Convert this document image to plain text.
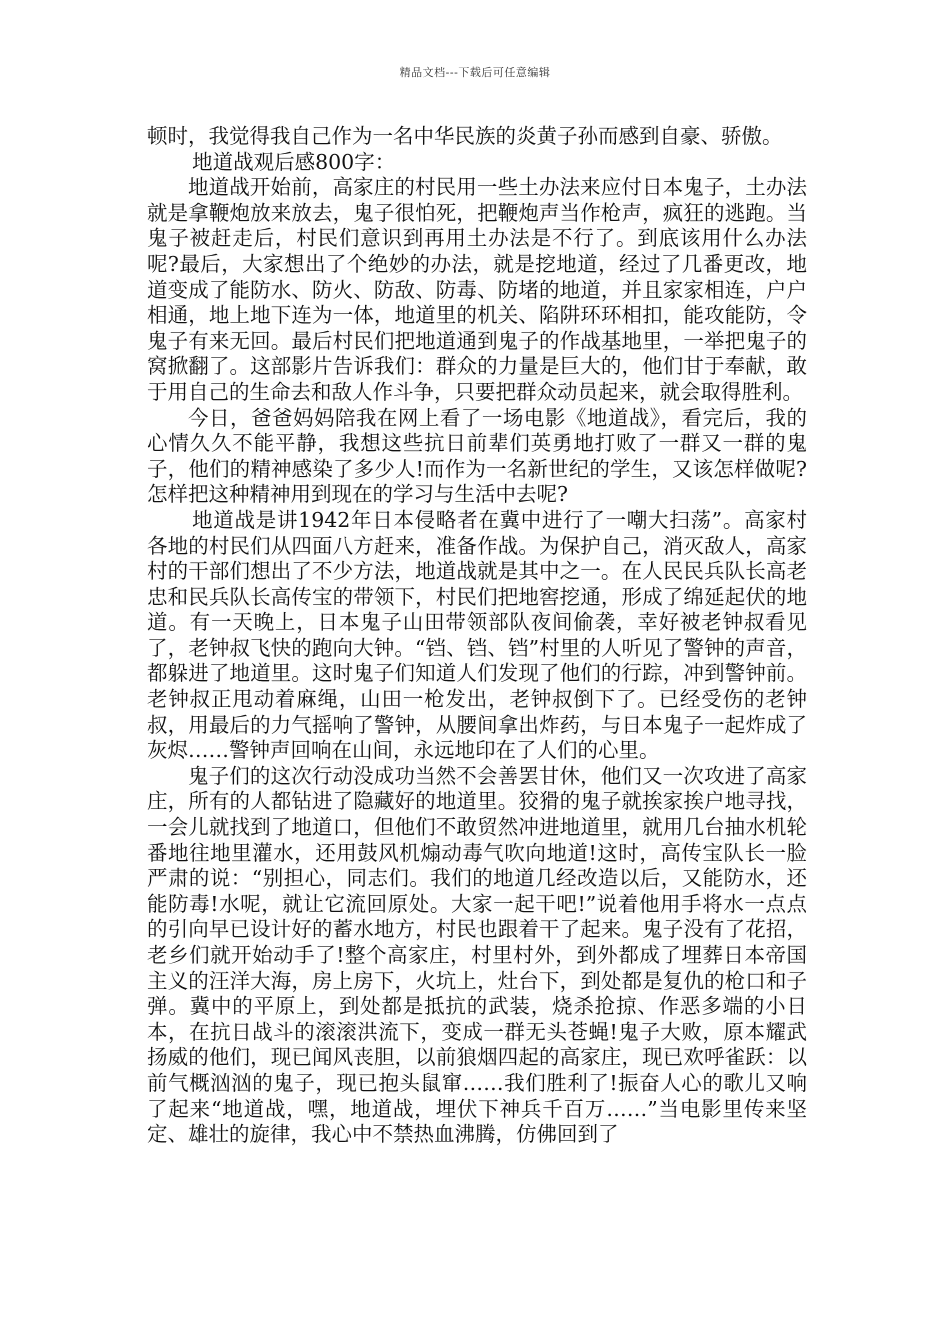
精品文档---下载后可任意编辑

顿时，我觉得我自己作为一名中华民族的炎黄子孙而感到自豪、骄傲。

地道战观后感800字：

地道战开始前，高家庄的村民用一些土办法来应付日本鬼子，土办法就是拿鞭炮放来放去，鬼子很怕死，把鞭炮声当作枪声，疯狂的逃跑。当鬼子被赶走后，村民们意识到再用土办法是不行了。到底该用什么办法呢?最后，大家想出了个绝妙的办法，就是挖地道，经过了几番更改，地道变成了能防水、防火、防敌、防毒、防堵的地道，并且家家相连，户户相通，地上地下连为一体，地道里的机关、陷阱环环相扣，能攻能防，令鬼子有来无回。最后村民们把地道通到鬼子的作战基地里，一举把鬼子的窝掀翻了。这部影片告诉我们：群众的力量是巨大的，他们甘于奉献，敢于用自己的生命去和敌人作斗争，只要把群众动员起来，就会取得胜利。

今日，爸爸妈妈陪我在网上看了一场电影《地道战》，看完后，我的心情久久不能平静，我想这些抗日前辈们英勇地打败了一群又一群的鬼子，他们的精神感染了多少人!而作为一名新世纪的学生，又该怎样做呢?怎样把这种精神用到现在的学习与生活中去呢?

地道战是讲1942年日本侵略者在冀中进行了一嘲大扫荡”。高家村各地的村民们从四面八方赶来，准备作战。为保护自己，消灭敌人，高家村的干部们想出了不少方法，地道战就是其中之一。在人民民兵队长高老忠和民兵队长高传宝的带领下，村民们把地窖挖通，形成了绵延起伏的地道。有一天晚上，日本鬼子山田带领部队夜间偷袭，幸好被老钟叔看见了，老钟叔飞快的跑向大钟。“铛、铛、铛”村里的人听见了警钟的声音，都躲进了地道里。这时鬼子们知道人们发现了他们的行踪，冲到警钟前。老钟叔正甩动着麻绳，山田一枪发出，老钟叔倒下了。已经受伤的老钟叔，用最后的力气摇响了警钟，从腰间拿出炸药，与日本鬼子一起炸成了灰烬……警钟声回响在山间，永远地印在了人们的心里。

鬼子们的这次行动没成功当然不会善罢甘休，他们又一次攻进了高家庄，所有的人都钻进了隐藏好的地道里。狡猾的鬼子就挨家挨户地寻找，一会儿就找到了地道口，但他们不敢贸然冲进地道里，就用几台抽水机轮番地往地里灌水，还用鼓风机煽动毒气吹向地道!这时，高传宝队长一脸严肃的说：“别担心，同志们。我们的地道几经改造以后，又能防水，还能防毒!水呢，就让它流回原处。大家一起干吧!”说着他用手将水一点点的引向早已设计好的蓄水地方，村民也跟着干了起来。鬼子没有了花招，老乡们就开始动手了!整个高家庄，村里村外，到外都成了埋葬日本帝国主义的汪洋大海，房上房下，火坑上，灶台下，到处都是复仇的枪口和子弹。冀中的平原上，到处都是抵抗的武装，烧杀抢掠、作恶多端的小日本，在抗日战斗的滚滚洪流下，变成一群无头苍蝇!鬼子大败，原本耀武扬威的他们，现已闻风丧胆，以前狼烟四起的高家庄，现已欢呼雀跃：以前气概汹汹的鬼子，现已抱头鼠窜……我们胜利了!振奋人心的歌儿又响了起来“地道战，嘿，地道战，埋伏下神兵千百万……”当电影里传来坚定、雄壮的旋律，我心中不禁热血沸腾，仿佛回到了
